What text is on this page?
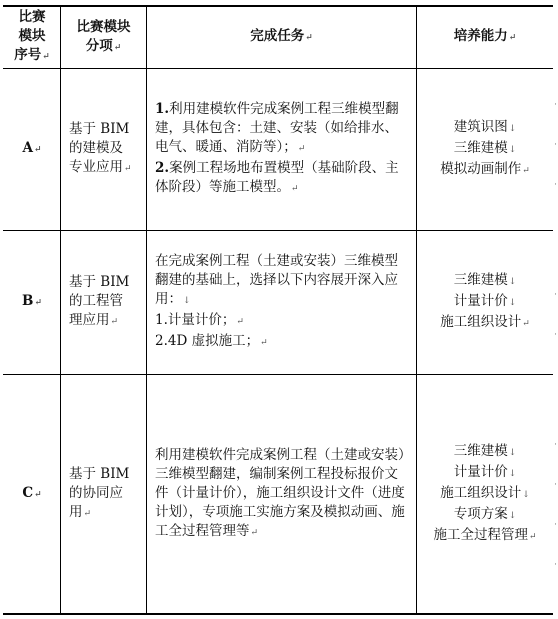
·
·
·
·
·
·
·
·
·
比赛
模块
序号↵
比赛模块
分项↵
完成任务↵	培养能力↵
A↵
基于 BIM
的建模及
专业应用↵
1.利用建模软件完成案例工程三维模型翻建，具体包含：土建、安装（如给排水、电气、暖通、消防等）；↵
2.案例工程场地布置模型（基础阶段、主体阶段）等施工模型。↵
建筑识图↓
三维建模↓
模拟动画制作↵
B↵
基于 BIM
的工程管
理应用↵
在完成案例工程（土建或安装）三维模型翻建的基础上，选择以下内容展开深入应用：↓
1.计量计价；↵
2.4D 虚拟施工；↵
三维建模↓
计量计价↓
施工组织设计↵
C↵
基于 BIM
的协同应
用↵
利用建模软件完成案例工程（土建或安装）三维模型翻建，编制案例工程投标报价文件（计量计价），施工组织设计文件（进度计划），专项施工实施方案及模拟动画、施工全过程管理等↵
三维建模↓
计量计价↓
施工组织设计↓
专项方案↓
施工全过程管理↵
